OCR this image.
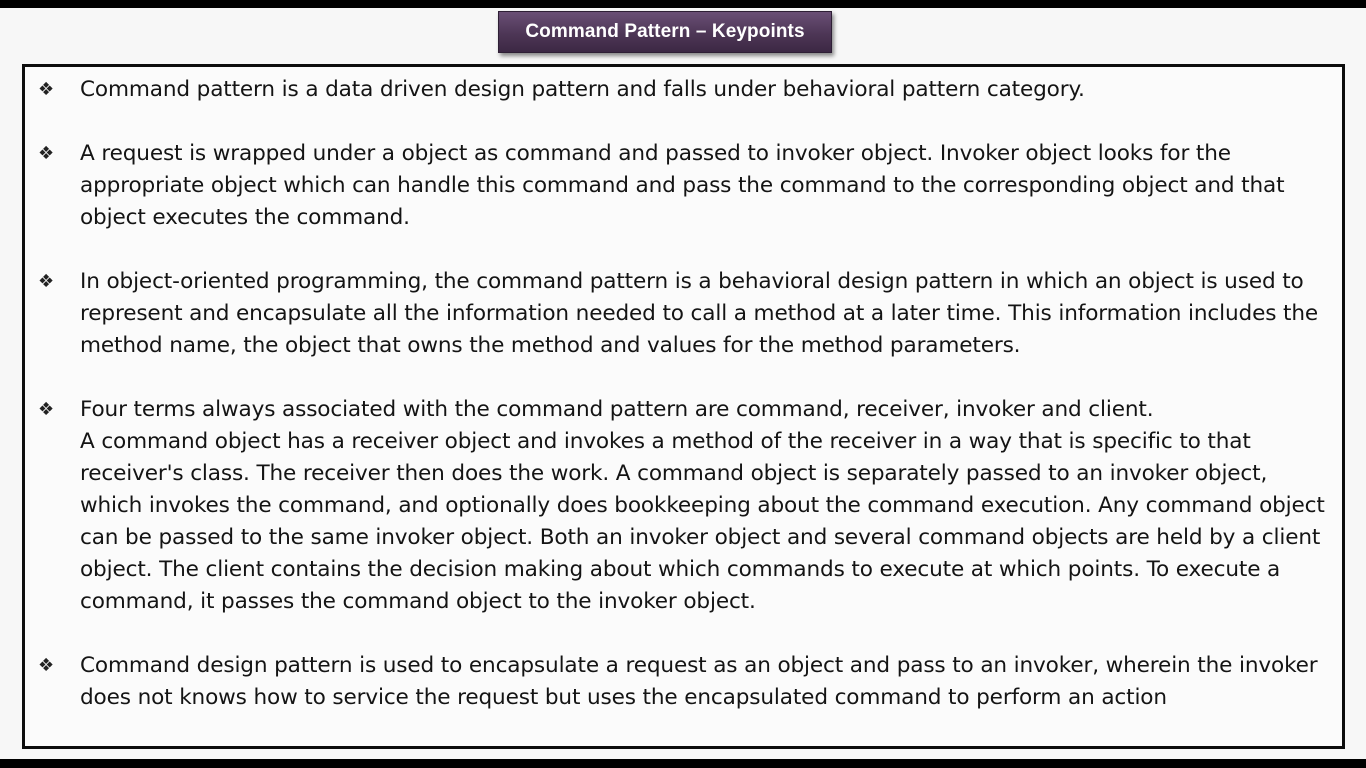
Command Pattern – Keypoints
❖ Command pattern is a data driven design pattern and falls under behavioral pattern category.
❖ A request is wrapped under a object as command and passed to invoker object. Invoker object looks for the appropriate object which can handle this command and pass the command to the corresponding object and that object executes the command.
❖ In object-oriented programming, the command pattern is a behavioral design pattern in which an object is used to represent and encapsulate all the information needed to call a method at a later time. This information includes the method name, the object that owns the method and values for the method parameters.
❖ Four terms always associated with the command pattern are command, receiver, invoker and client.
A command object has a receiver object and invokes a method of the receiver in a way that is specific to that receiver's class. The receiver then does the work. A command object is separately passed to an invoker object, which invokes the command, and optionally does bookkeeping about the command execution. Any command object can be passed to the same invoker object. Both an invoker object and several command objects are held by a client object. The client contains the decision making about which commands to execute at which points. To execute a command, it passes the command object to the invoker object.
❖ Command design pattern is used to encapsulate a request as an object and pass to an invoker, wherein the invoker does not knows how to service the request but uses the encapsulated command to perform an action
